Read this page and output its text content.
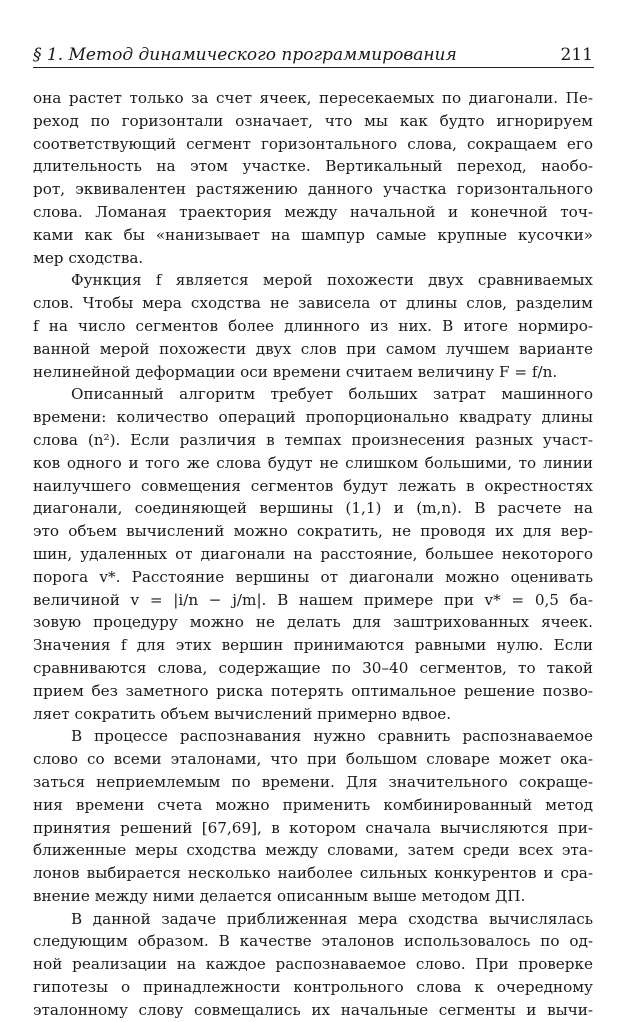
§ 1. Метод динамического программирования	211
она растет только за счет ячеек, пересекаемых по диагонали. Пе-
реход по горизонтали означает, что мы как будто игнорируем
соответствующий сегмент горизонтального слова, сокращаем его
длительность на этом участке. Вертикальный переход, наобо-
рот, эквивалентен растяжению данного участка горизонтального
слова. Ломаная траектория между начальной и конечной точ-
ками как бы «нанизывает на шампур самые крупные кусочки»
мер сходства.
Функция f является мерой похожести двух сравниваемых
слов. Чтобы мера сходства не зависела от длины слов, разделим
f на число сегментов более длинного из них. В итоге нормиро-
ванной мерой похожести двух слов при самом лучшем варианте
нелинейной деформации оси времени считаем величину F = f/n.
Описанный алгоритм требует больших затрат машинного
времени: количество операций пропорционально квадрату длины
слова (n²). Если различия в темпах произнесения разных участ-
ков одного и того же слова будут не слишком большими, то линии
наилучшего совмещения сегментов будут лежать в окрестностях
диагонали, соединяющей вершины (1,1) и (m,n). В расчете на
это объем вычислений можно сократить, не проводя их для вер-
шин, удаленных от диагонали на расстояние, большее некоторого
порога v*. Расстояние вершины от диагонали можно оценивать
величиной v = |i/n − j/m|. В нашем примере при v* = 0,5 ба-
зовую процедуру можно не делать для заштрихованных ячеек.
Значения f для этих вершин принимаются равными нулю. Если
сравниваются слова, содержащие по 30–40 сегментов, то такой
прием без заметного риска потерять оптимальное решение позво-
ляет сократить объем вычислений примерно вдвое.
В процессе распознавания нужно сравнить распознаваемое
слово со всеми эталонами, что при большом словаре может ока-
заться неприемлемым по времени. Для значительного сокраще-
ния времени счета можно применить комбинированный метод
принятия решений [67,69], в котором сначала вычисляются при-
ближенные меры сходства между словами, затем среди всех эта-
лонов выбирается несколько наиболее сильных конкурентов и сра-
внение между ними делается описанным выше методом ДП.
В данной задаче приближенная мера сходства вычислялась
следующим образом. В качестве эталонов использовалось по од-
ной реализации на каждое распознаваемое слово. При проверке
гипотезы о принадлежности контрольного слова к очередному
эталонному слову совмещались их начальные сегменты и вычи-
